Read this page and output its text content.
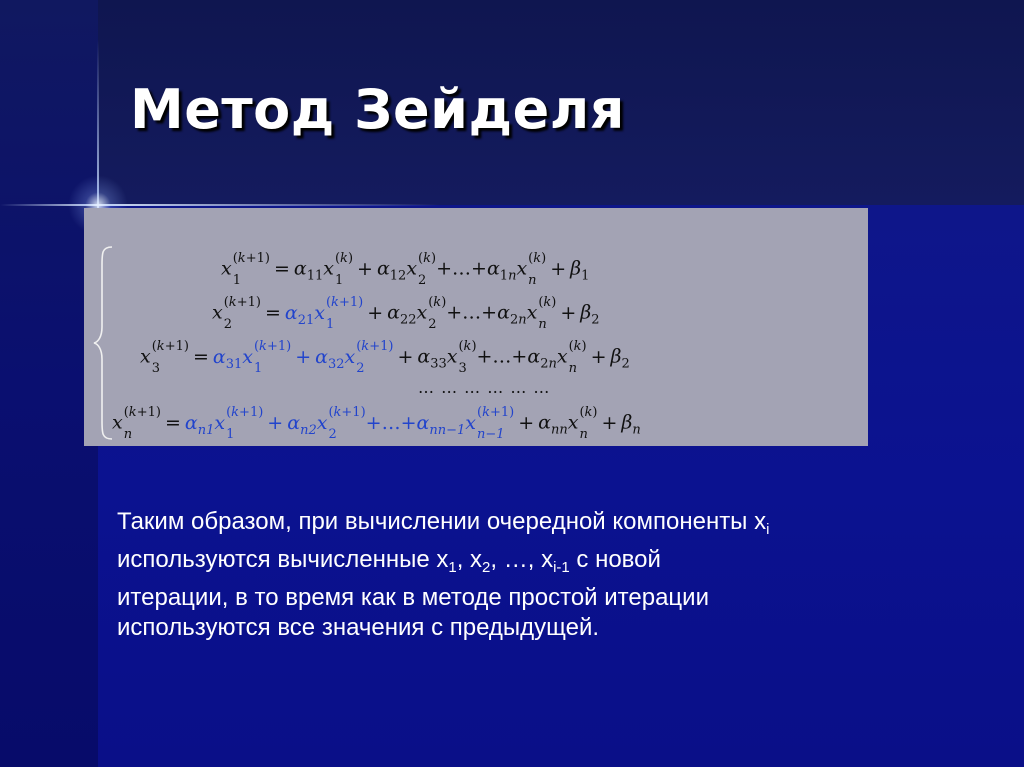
Метод Зейделя
x (k+1)
1
= $\alpha_{11}x$ (k)
1
+ $\alpha_{12}x$ (k)
2
$+\dots+\alpha_{1n}x$ (k)
n
+ $\beta_1$
x (k+1)
2
= $\alpha_{21}x$ (k+1)
1
+ $\alpha_{22}x$ (k)
2
$+\dots+\alpha_{2n}x$ (k)
n
+ $\beta_2$
x (k+1)
3
= $\alpha_{31}x$ (k+1)
1
+ $\alpha_{32}x$ (k+1)
2
+ $\alpha_{33}x$ (k)
3
$+\dots+\alpha_{2n}x$ (k)
n
+ $\beta_2$
… … … … … …
x (k+1)
n
= $\alpha_{n1}x$ (k+1)
1
+ $\alpha_{n2}x$ (k+1)
2
$+\dots+\alpha_{nn-1}x$ (k+1)
n−1
+ $\alpha_{nn}x$ (k)
n
+ $\beta_n$
Таким образом, при вычислении очередной компоненты $x_i$
используются вычисленные $x_1$, $x_2$, …, $x_{i-1}$ с новой
итерации, в то время как в методе простой итерации
используются все значения с предыдущей.
